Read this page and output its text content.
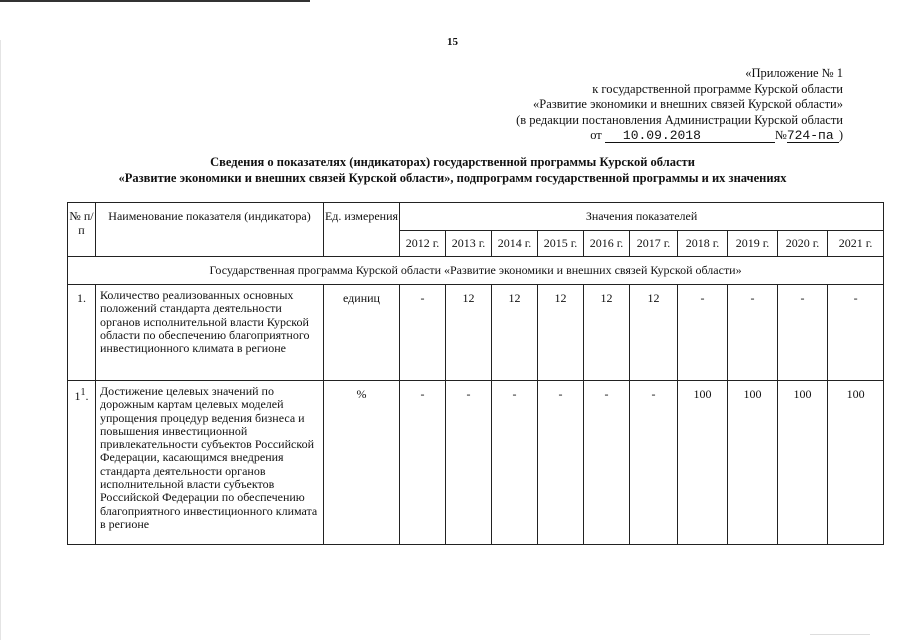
15
«Приложение № 1
к государственной программе Курской области
«Развитие экономики и внешних связей Курской области»
(в редакции постановления Администрации Курской области
от 10.09.2018	№724-па )
Сведения о показателях (индикаторах) государственной программы Курской области
«Развитие экономики и внешних связей Курской области», подпрограмм государственной программы и их значениях
№ п/п	Наименование показателя (индикатора)	Ед. измерения	Значения показателей									
			2012 г.	2013 г.	2014 г.	2015 г.	2016 г.	2017 г.	2018 г.	2019 г.	2020 г.	2021 г.
Государственная программа Курской области «Развитие экономики и внешних связей Курской области»												
1.	Количество реализованных основных положений стандарта деятельности органов исполнительной власти Курской области по обеспечению благоприятного инвестиционного климата в регионе	единиц	-	12	12	12	12	12	-	-	-	-
$1^1$.	Достижение целевых значений по дорожным картам целевых моделей упрощения процедур ведения бизнеса и повышения инвестиционной привлекательности субъектов Российской Федерации, касающимся внедрения стандарта деятельности органов исполнительной власти субъектов Российской Федерации по обеспечению благоприятного инвестиционного климата в регионе	%	-	-	-	-	-	-	100	100	100	100
